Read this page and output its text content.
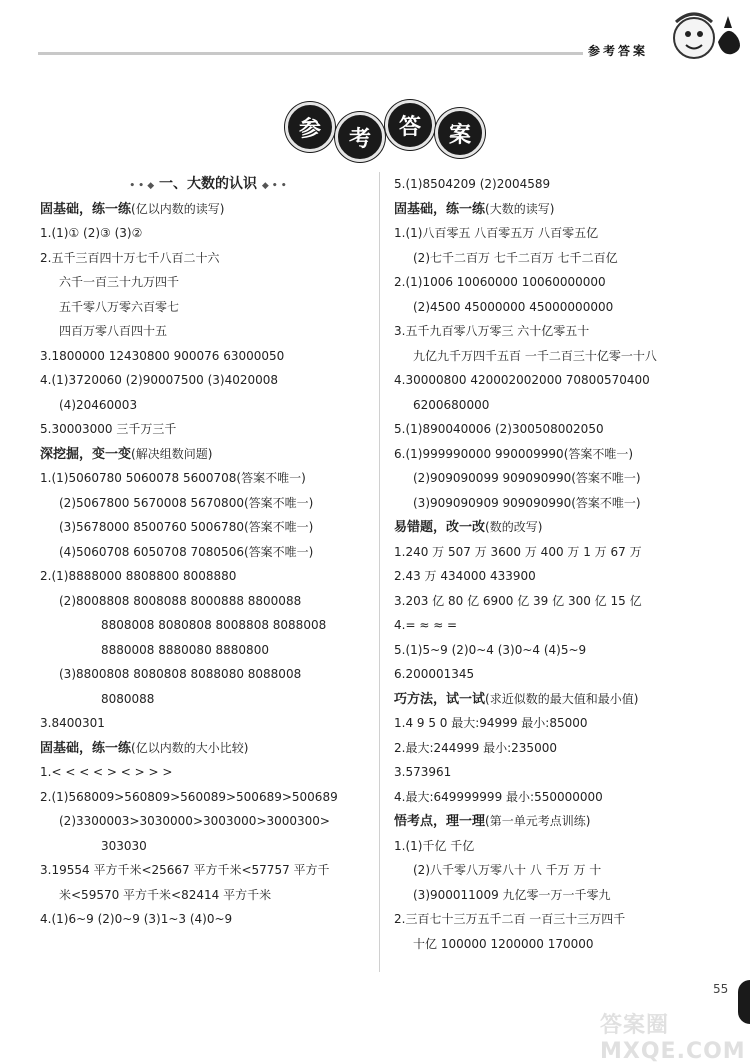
参考答案
参	考	答	案
• • ◆ 一、大数的认识 ◆ • •
固基础，练一练(亿以内数的读写)
1.(1)① (2)③ (3)②
2.五千三百四十万七千八百二十六
六千一百三十九万四千
五千零八万零六百零七
四百万零八百四十五
3.1800000 12430800 900076 63000050
4.(1)3720060 (2)90007500 (3)4020008
(4)20460003
5.30003000 三千万三千
深挖掘，变一变(解决组数问题)
1.(1)5060780 5060078 5600708(答案不唯一)
(2)5067800 5670008 5670800(答案不唯一)
(3)5678000 8500760 5006780(答案不唯一)
(4)5060708 6050708 7080506(答案不唯一)
2.(1)8888000 8808800 8008880
(2)8008808 8008088 8000888 8800088
8808008 8080808 8008808 8088008
8880008 8880080 8880800
(3)8800808 8080808 8088080 8088008
8080088
3.8400301
固基础，练一练(亿以内数的大小比较)
1.< < < < > < > > >
2.(1)568009>560809>560089>500689>500689
(2)3300003>3030000>3003000>3000300>
303030
3.19554 平方千米<25667 平方千米<57757 平方千
米<59570 平方千米<82414 平方千米
4.(1)6~9 (2)0~9 (3)1~3 (4)0~9
5.(1)8504209 (2)2004589
固基础，练一练(大数的读写)
1.(1)八百零五 八百零五万 八百零五亿
(2)七千二百万 七千二百万 七千二百亿
2.(1)1006 10060000 10060000000
(2)4500 45000000 45000000000
3.五千九百零八万零三 六十亿零五十
九亿九千万四千五百 一千二百三十亿零一十八
4.30000800 420002002000 70800570400
6200680000
5.(1)890040006 (2)300508002050
6.(1)999990000 990009990(答案不唯一)
(2)909090099 909090990(答案不唯一)
(3)909090909 909090990(答案不唯一)
易错题，改一改(数的改写)
1.240 万 507 万 3600 万 400 万 1 万 67 万
2.43 万 434000 433900
3.203 亿 80 亿 6900 亿 39 亿 300 亿 15 亿
4.= ≈ ≈ =
5.(1)5~9 (2)0~4 (3)0~4 (4)5~9
6.200001345
巧方法，试一试(求近似数的最大值和最小值)
1.4 9 5 0 最大:94999 最小:85000
2.最大:244999 最小:235000
3.573961
4.最大:649999999 最小:550000000
悟考点，理一理(第一单元考点训练)
1.(1)千亿 千亿
(2)八千零八万零八十 八 千万 万 十
(3)900011009 九亿零一万一千零九
2.三百七十三万五千二百 一百三十三万四千
十亿 100000 1200000 170000
55
答案圈 MXQE.COM
